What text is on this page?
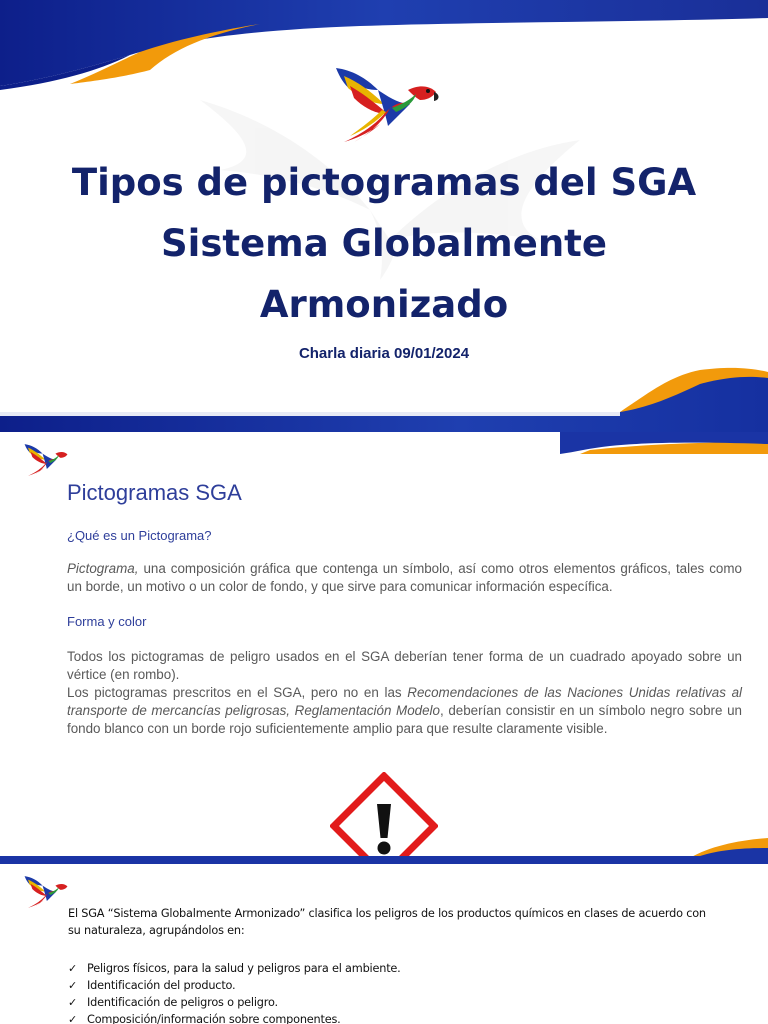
Tipos de pictogramas del SGA
Sistema Globalmente
Armonizado
Charla diaria 09/01/2024
Pictogramas SGA
¿Qué es un Pictograma?
Pictograma, una composición gráfica que contenga un símbolo, así como otros elementos gráficos, tales como un borde, un motivo o un color de fondo, y que sirve para comunicar información específica.
Forma y color
Todos los pictogramas de peligro usados en el SGA deberían tener forma de un cuadrado apoyado sobre un vértice (en rombo).
Los pictogramas prescritos en el SGA, pero no en las Recomendaciones de las Naciones Unidas relativas al transporte de mercancías peligrosas, Reglamentación Modelo, deberían consistir en un símbolo negro sobre un fondo blanco con un borde rojo suficientemente amplio para que resulte claramente visible.
El SGA “Sistema Globalmente Armonizado” clasifica los peligros de los productos químicos en clases de acuerdo con su naturaleza, agrupándolos en:
✓ Peligros físicos, para la salud y peligros para el ambiente.
✓ Identificación del producto.
✓ Identificación de peligros o peligro.
✓ Composición/información sobre componentes.
